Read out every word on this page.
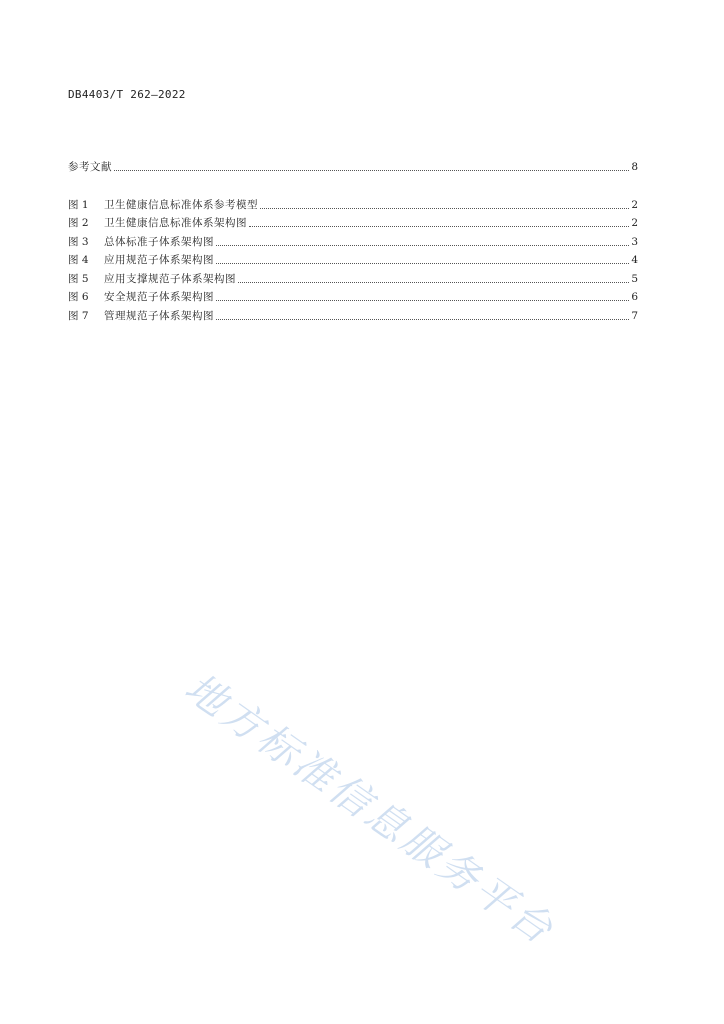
DB4403/T 262—2022
参考文献	8
图 1	卫生健康信息标准体系参考模型	2
图 2	卫生健康信息标准体系架构图	2
图 3	总体标准子体系架构图	3
图 4	应用规范子体系架构图	4
图 5	应用支撑规范子体系架构图	5
图 6	安全规范子体系架构图	6
图 7	管理规范子体系架构图	7
地方标准信息服务平台
